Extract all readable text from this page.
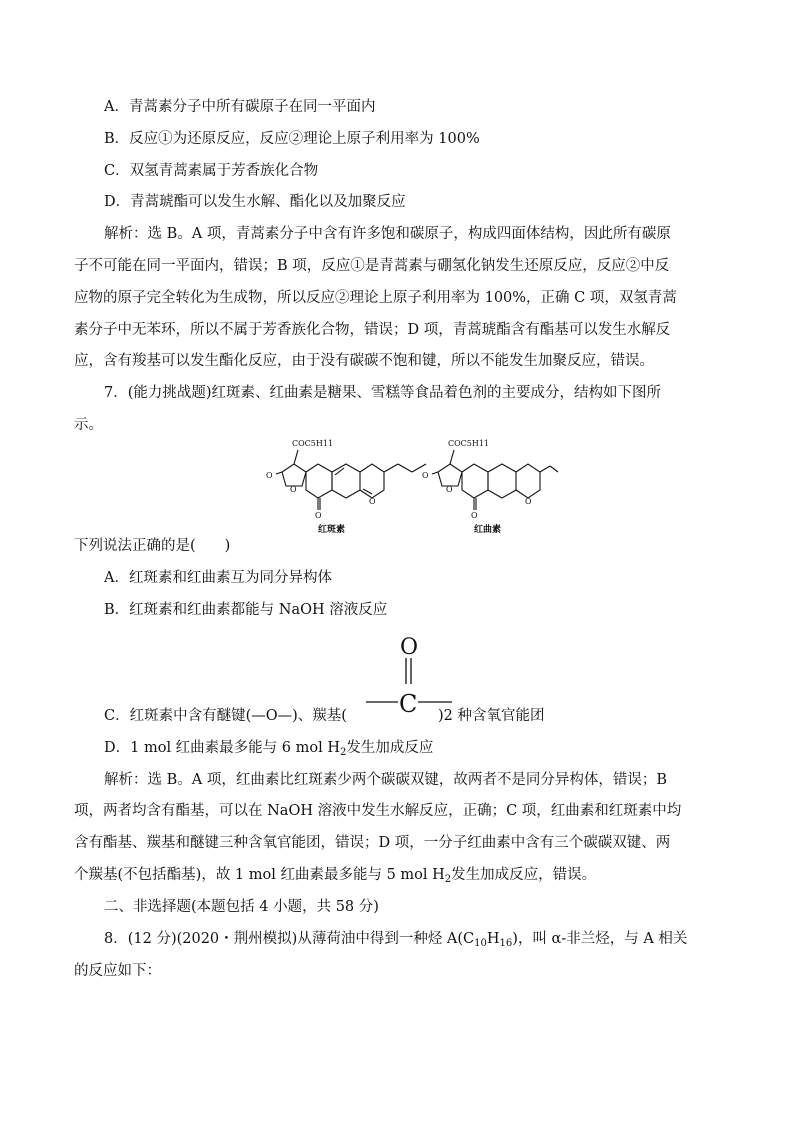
A．青蒿素分子中所有碳原子在同一平面内
B．反应①为还原反应，反应②理论上原子利用率为 100%
C．双氢青蒿素属于芳香族化合物
D．青蒿琥酯可以发生水解、酯化以及加聚反应
解析：选 B。A 项，青蒿素分子中含有许多饱和碳原子，构成四面体结构，因此所有碳原
子不可能在同一平面内，错误；B 项，反应①是青蒿素与硼氢化钠发生还原反应，反应②中反
应物的原子完全转化为生成物，所以反应②理论上原子利用率为 100%，正确 C 项，双氢青蒿
素分子中无苯环，所以不属于芳香族化合物，错误；D 项，青蒿琥酯含有酯基可以发生水解反
应，含有羧基可以发生酯化反应，由于没有碳碳不饱和键，所以不能发生加聚反应，错误。
7．(能力挑战题)红斑素、红曲素是糖果、雪糕等食品着色剂的主要成分，结构如下图所
示。
COC5H11
O
O
O
O
COC5H11
O
O
O
O
红斑素	红曲素
下列说法正确的是(　　)
A．红斑素和红曲素互为同分异构体
B．红斑素和红曲素都能与 NaOH 溶液反应
O
C
C．红斑素中含有醚键(—O—)、羰基(	)2 种含氧官能团
D．1 mol 红曲素最多能与 6 mol $H_2$发生加成反应
解析：选 B。A 项，红曲素比红斑素少两个碳碳双键，故两者不是同分异构体，错误；B
项，两者均含有酯基，可以在 NaOH 溶液中发生水解反应，正确；C 项，红曲素和红斑素中均
含有酯基、羰基和醚键三种含氧官能团，错误；D 项，一分子红曲素中含有三个碳碳双键、两
个羰基(不包括酯基)，故 1 mol 红曲素最多能与 5 mol $H_2$发生加成反应，错误。
二、非选择题(本题包括 4 小题，共 58 分)
8．(12 分)(2020・荆州模拟)从薄荷油中得到一种烃 $A(C_{10}H_{16})$，叫 α-非兰烃，与 A 相关
的反应如下：
